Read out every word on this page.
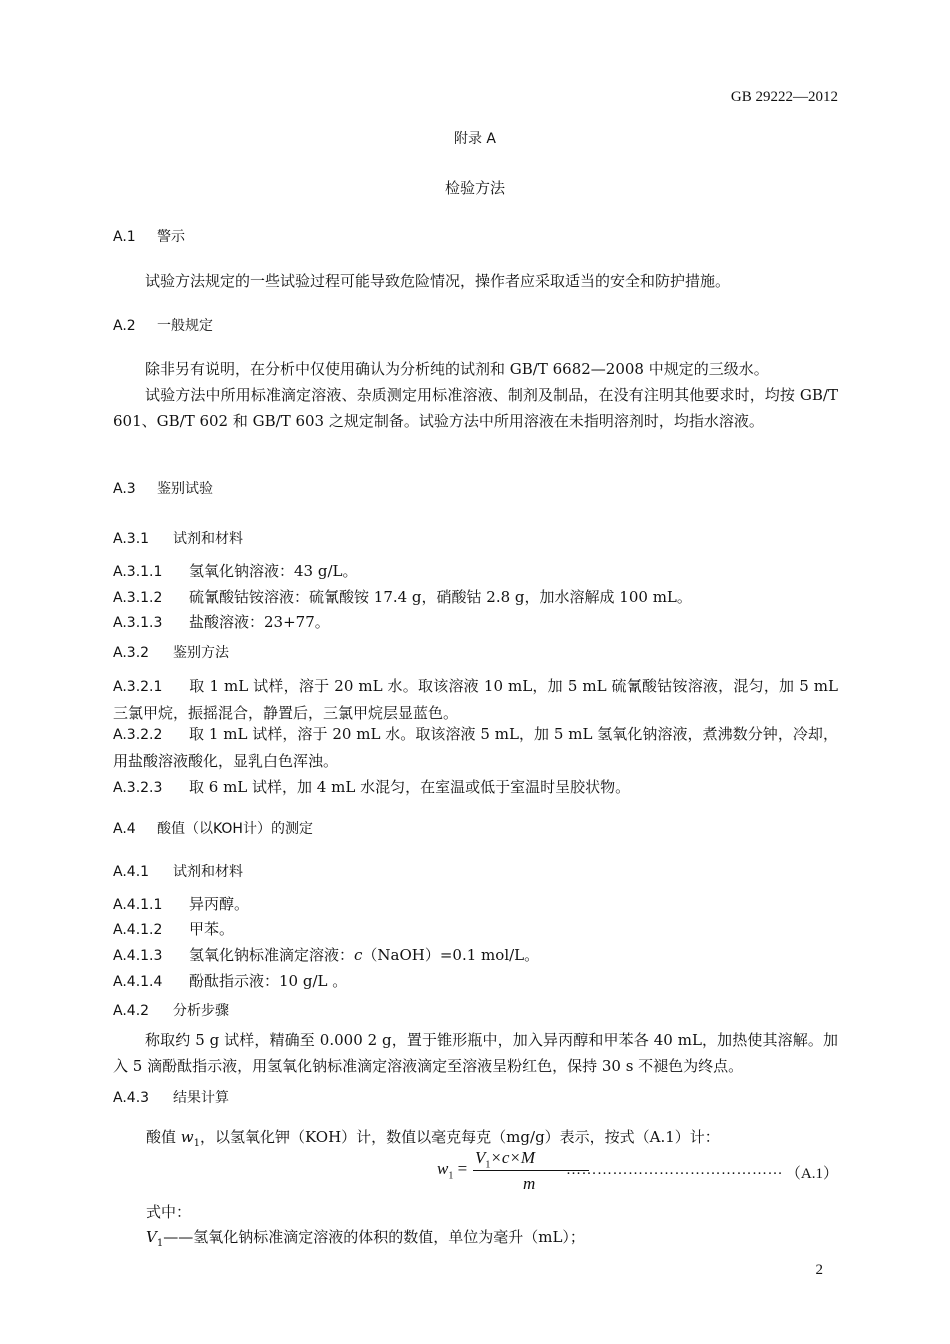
GB 29222—2012
附录 A
检验方法
A.1 警示
试验方法规定的一些试验过程可能导致危险情况，操作者应采取适当的安全和防护措施。
A.2 一般规定
除非另有说明，在分析中仅使用确认为分析纯的试剂和 GB/T 6682—2008 中规定的三级水。
试验方法中所用标准滴定溶液、杂质测定用标准溶液、制剂及制品，在没有注明其他要求时，均按 GB/T 601、GB/T 602 和 GB/T 603 之规定制备。试验方法中所用溶液在未指明溶剂时，均指水溶液。
A.3 鉴别试验
A.3.1 试剂和材料
A.3.1.1 氢氧化钠溶液：43 g/L。
A.3.1.2 硫氰酸钴铵溶液：硫氰酸铵 17.4 g，硝酸钴 2.8 g，加水溶解成 100 mL。
A.3.1.3 盐酸溶液：23+77。
A.3.2 鉴别方法
A.3.2.1 取 1 mL 试样，溶于 20 mL 水。取该溶液 10 mL，加 5 mL 硫氰酸钴铵溶液，混匀，加 5 mL 三氯甲烷，振摇混合，静置后，三氯甲烷层显蓝色。
A.3.2.2 取 1 mL 试样，溶于 20 mL 水。取该溶液 5 mL，加 5 mL 氢氧化钠溶液，煮沸数分钟，冷却，用盐酸溶液酸化，显乳白色浑浊。
A.3.2.3 取 6 mL 试样，加 4 mL 水混匀，在室温或低于室温时呈胶状物。
A.4 酸值（以KOH计）的测定
A.4.1 试剂和材料
A.4.1.1 异丙醇。
A.4.1.2 甲苯。
A.4.1.3 氢氧化钠标准滴定溶液：c（NaOH）=0.1 mol/L。
A.4.1.4 酚酞指示液：10 g/L 。
A.4.2 分析步骤
称取约 5 g 试样，精确至 0.000 2 g，置于锥形瓶中，加入异丙醇和甲苯各 40 mL，加热使其溶解。加入 5 滴酚酞指示液，用氢氧化钠标准滴定溶液滴定至溶液呈粉红色，保持 30 s 不褪色为终点。
A.4.3 结果计算
酸值 $w_1$，以氢氧化钾（KOH）计，数值以毫克每克（mg/g）表示，按式（A.1）计：
$w_1$ =
$V_1\times c\times M$
m
…………………………………… （A.1）
式中：
$V_1——$氢氧化钠标准滴定溶液的体积的数值，单位为毫升（mL）；
2
